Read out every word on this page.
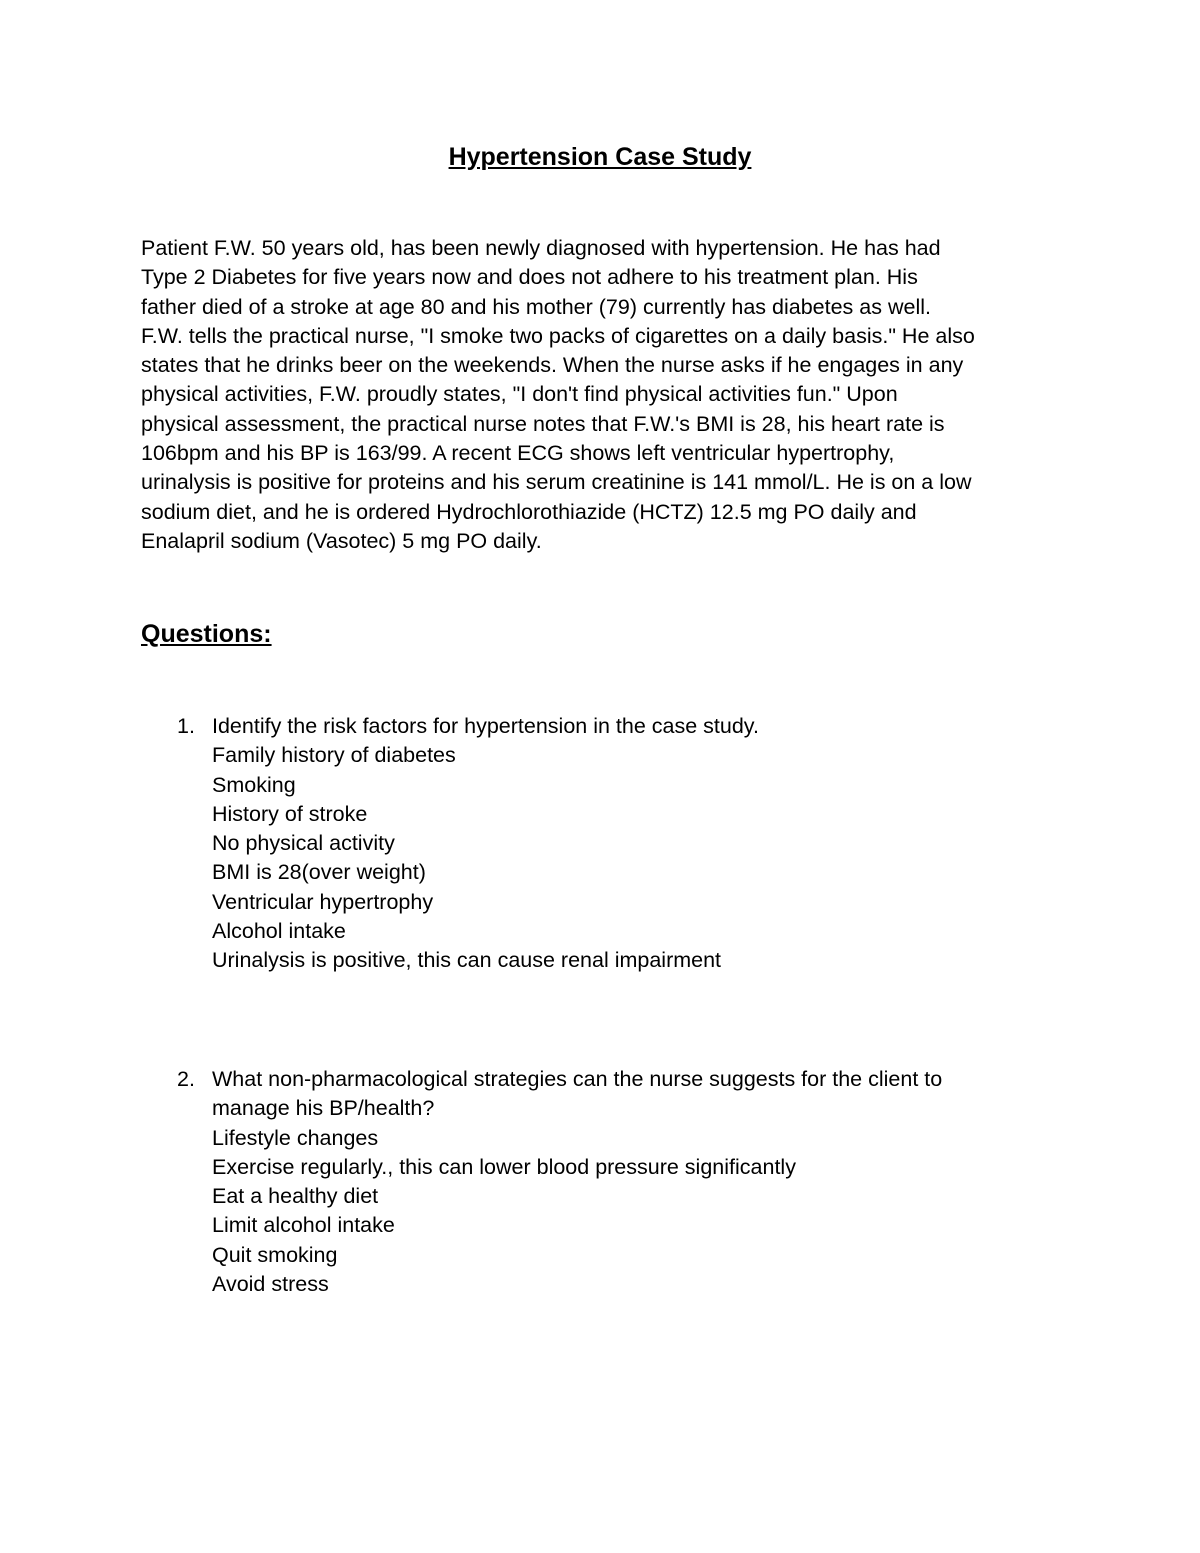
Hypertension Case Study

Patient F.W. 50 years old, has been newly diagnosed with hypertension. He has had
Type 2 Diabetes for five years now and does not adhere to his treatment plan. His
father died of a stroke at age 80 and his mother (79) currently has diabetes as well.
F.W. tells the practical nurse, "I smoke two packs of cigarettes on a daily basis." He also
states that he drinks beer on the weekends. When the nurse asks if he engages in any
physical activities, F.W. proudly states, "I don't find physical activities fun." Upon
physical assessment, the practical nurse notes that F.W.'s BMI is 28, his heart rate is
106bpm and his BP is 163/99. A recent ECG shows left ventricular hypertrophy,
urinalysis is positive for proteins and his serum creatinine is 141 mmol/L. He is on a low
sodium diet, and he is ordered Hydrochlorothiazide (HCTZ) 12.5 mg PO daily and
Enalapril sodium (Vasotec) 5 mg PO daily.

Questions:
1. Identify the risk factors for hypertension in the case study.
Family history of diabetes
Smoking
History of stroke
No physical activity
BMI is 28(over weight)
Ventricular hypertrophy
Alcohol intake
Urinalysis is positive, this can cause renal impairment
2. What non-pharmacological strategies can the nurse suggests for the client to
manage his BP/health?
Lifestyle changes
Exercise regularly., this can lower blood pressure significantly
Eat a healthy diet
Limit alcohol intake
Quit smoking
Avoid stress
